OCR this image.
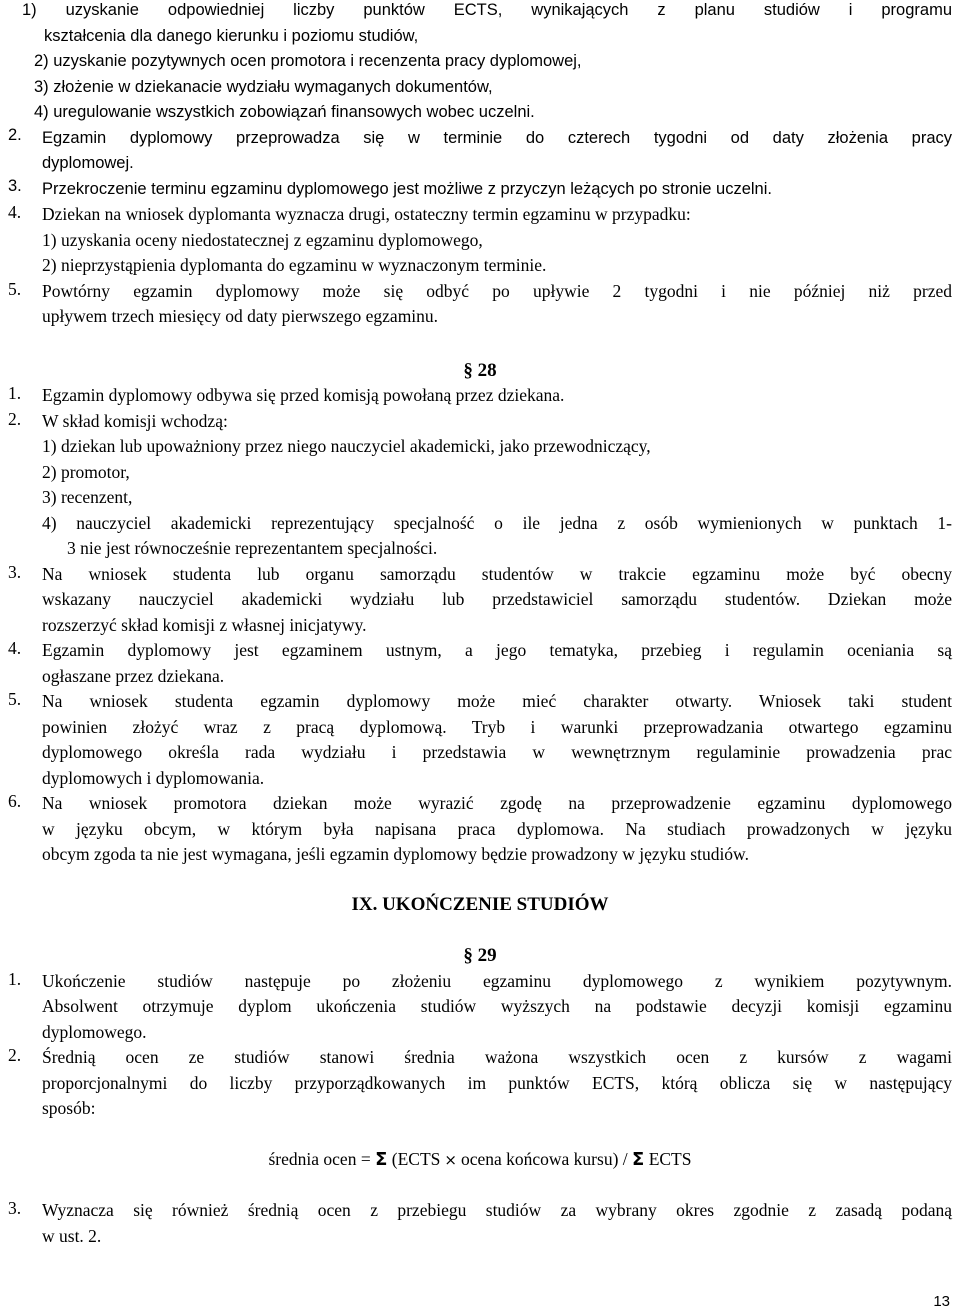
1) uzyskanie odpowiedniej liczby punktów ECTS, wynikających z planu studiów i programu
kształcenia dla danego kierunku i poziomu studiów,
2) uzyskanie pozytywnych ocen promotora i recenzenta pracy dyplomowej,
3) złożenie w dziekanacie wydziału wymaganych dokumentów,
4) uregulowanie wszystkich zobowiązań finansowych wobec uczelni.
2.	Egzamin dyplomowy przeprowadza się w terminie do czterech tygodni od daty złożenia pracy
dyplomowej.
3.	Przekroczenie terminu egzaminu dyplomowego jest możliwe z przyczyn leżących po stronie uczelni.
4.	Dziekan na wniosek dyplomanta wyznacza drugi, ostateczny termin egzaminu w przypadku:
1) uzyskania oceny niedostatecznej z egzaminu dyplomowego,
2) nieprzystąpienia dyplomanta do egzaminu w wyznaczonym terminie.
5.	Powtórny egzamin dyplomowy może się odbyć po upływie 2 tygodni i nie później niż przed
upływem trzech miesięcy od daty pierwszego egzaminu.
§ 28
1.	Egzamin dyplomowy odbywa się przed komisją powołaną przez dziekana.
2.	W skład komisji wchodzą:
1) dziekan lub upoważniony przez niego nauczyciel akademicki, jako przewodniczący,
2) promotor,
3) recenzent,
4) nauczyciel akademicki reprezentujący specjalność o ile jedna z osób wymienionych w punktach 1-
3 nie jest równocześnie reprezentantem specjalności.
3.	Na wniosek studenta lub organu samorządu studentów w trakcie egzaminu może być obecny
wskazany nauczyciel akademicki wydziału lub przedstawiciel samorządu studentów. Dziekan może
rozszerzyć skład komisji z własnej inicjatywy.
4.	Egzamin dyplomowy jest egzaminem ustnym, a jego tematyka, przebieg i regulamin oceniania są
ogłaszane przez dziekana.
5.	Na wniosek studenta egzamin dyplomowy może mieć charakter otwarty. Wniosek taki student
powinien złożyć wraz z pracą dyplomową. Tryb i warunki przeprowadzania otwartego egzaminu
dyplomowego określa rada wydziału i przedstawia w wewnętrznym regulaminie prowadzenia prac
dyplomowych i dyplomowania.
6.	Na wniosek promotora dziekan może wyrazić zgodę na przeprowadzenie egzaminu dyplomowego
w języku obcym, w którym była napisana praca dyplomowa. Na studiach prowadzonych w języku
obcym zgoda ta nie jest wymagana, jeśli egzamin dyplomowy będzie prowadzony w języku studiów.
IX. UKOŃCZENIE STUDIÓW
§ 29
1.	Ukończenie studiów następuje po złożeniu egzaminu dyplomowego z wynikiem pozytywnym.
Absolwent otrzymuje dyplom ukończenia studiów wyższych na podstawie decyzji komisji egzaminu
dyplomowego.
2.	Średnią ocen ze studiów stanowi średnia ważona wszystkich ocen z kursów z wagami
proporcjonalnymi do liczby przyporządkowanych im punktów ECTS, którą oblicza się w następujący
sposób:
średnia ocen = Σ (ECTS × ocena końcowa kursu) / Σ ECTS
3.	Wyznacza się również średnią ocen z przebiegu studiów za wybrany okres zgodnie z zasadą podaną
w ust. 2.
13
